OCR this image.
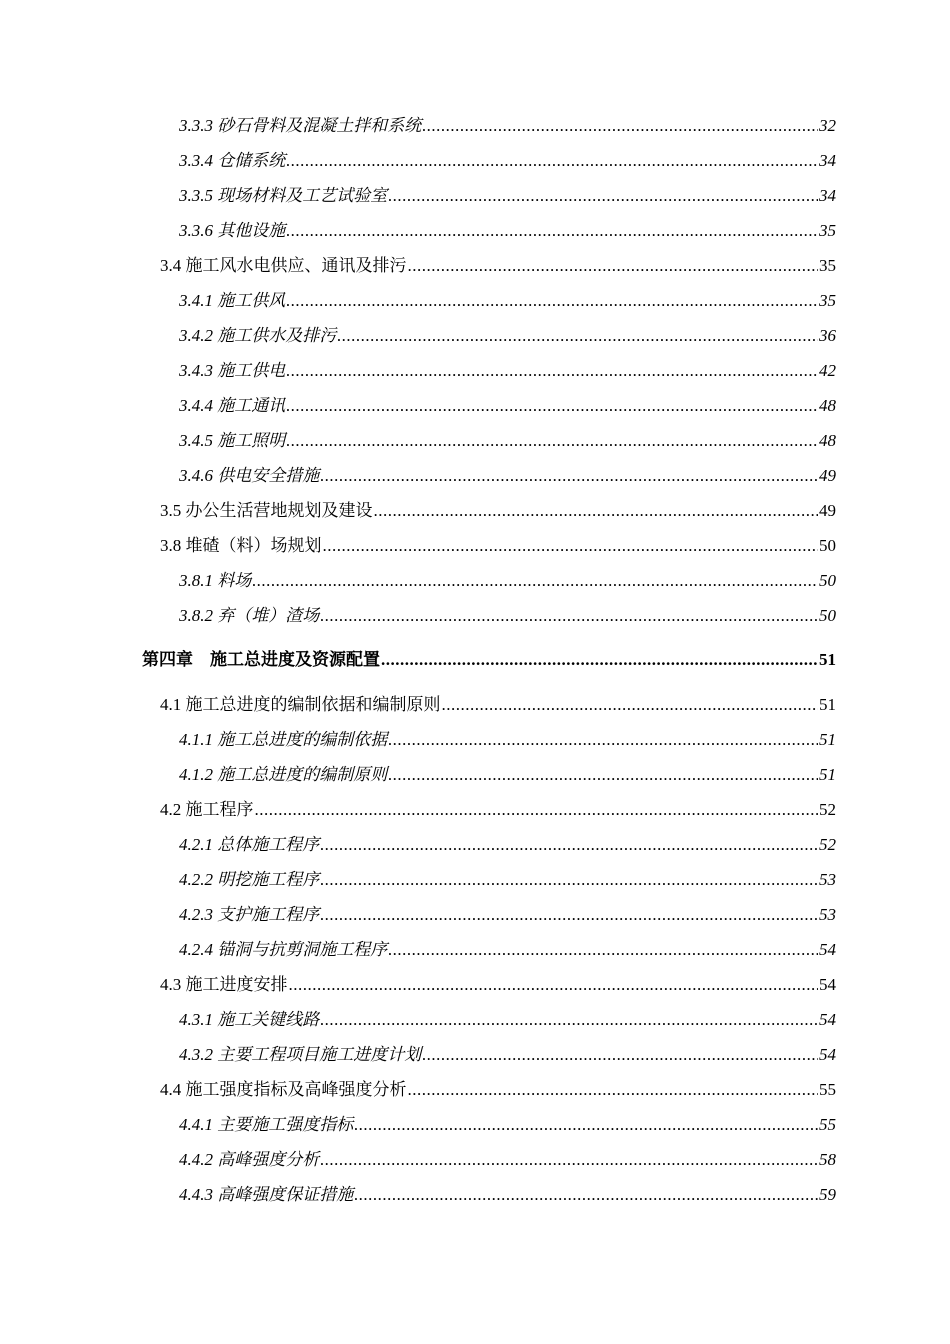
3.3.3 砂石骨料及混凝土拌和系统 .....	32
3.3.4 仓储系统 .....	34
3.3.5 现场材料及工艺试验室 .....	34
3.3.6 其他设施 .....	35
3.4 施工风水电供应、通讯及排污 .....	35
3.4.1 施工供风 .....	35
3.4.2 施工供水及排污 .....	36
3.4.3 施工供电 .....	42
3.4.4 施工通讯 .....	48
3.4.5 施工照明 .....	48
3.4.6 供电安全措施 .....	49
3.5 办公生活营地规划及建设 .....	49
3.8 堆碴（料）场规划 .....	50
3.8.1 料场 .....	50
3.8.2 弃（堆）渣场 .....	50
第四章　施工总进度及资源配置 .....	51
4.1 施工总进度的编制依据和编制原则 .....	51
4.1.1 施工总进度的编制依据 .....	51
4.1.2 施工总进度的编制原则 .....	51
4.2 施工程序 .....	52
4.2.1 总体施工程序 .....	52
4.2.2 明挖施工程序 .....	53
4.2.3 支护施工程序 .....	53
4.2.4 锚洞与抗剪洞施工程序 .....	54
4.3 施工进度安排 .....	54
4.3.1 施工关键线路 .....	54
4.3.2 主要工程项目施工进度计划 .....	54
4.4 施工强度指标及高峰强度分析 .....	55
4.4.1 主要施工强度指标 .....	55
4.4.2 高峰强度分析 .....	58
4.4.3 高峰强度保证措施 .....	59
